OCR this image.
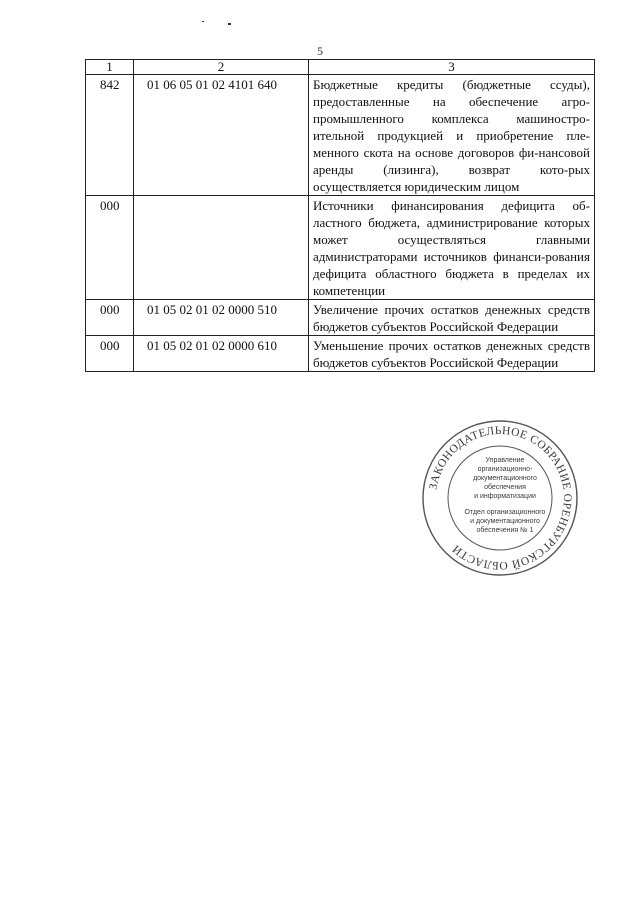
5
1	2	3
842	01 06 05 01 02 4101 640	Бюджетные кредиты (бюджетные ссуды), предоставленные на обеспечение агро-промышленного комплекса машиностро-ительной продукцией и приобретение пле-менного скота на основе договоров фи-нансовой аренды (лизинга), возврат кото-рых осуществляется юридическим лицом
000		Источники финансирования дефицита об-ластного бюджета, администрирование которых может осуществляться главными администраторами источников финанси-рования дефицита областного бюджета в пределах их компетенции
000	01 05 02 01 02 0000 510	Увеличение прочих остатков денежных средств бюджетов субъектов Российской Федерации
000	01 05 02 01 02 0000 610	Уменьшение прочих остатков денежных средств бюджетов субъектов Российской Федерации
ЗАКОНОДАТЕЛЬНОЕ СОБРАНИЕ ОРЕНБУРГСКОЙ ОБЛАСТИ
Управление
организационно-
документационного
обеспечения
и информатизации
Отдел организационного
и документационного
обеспечения № 1
